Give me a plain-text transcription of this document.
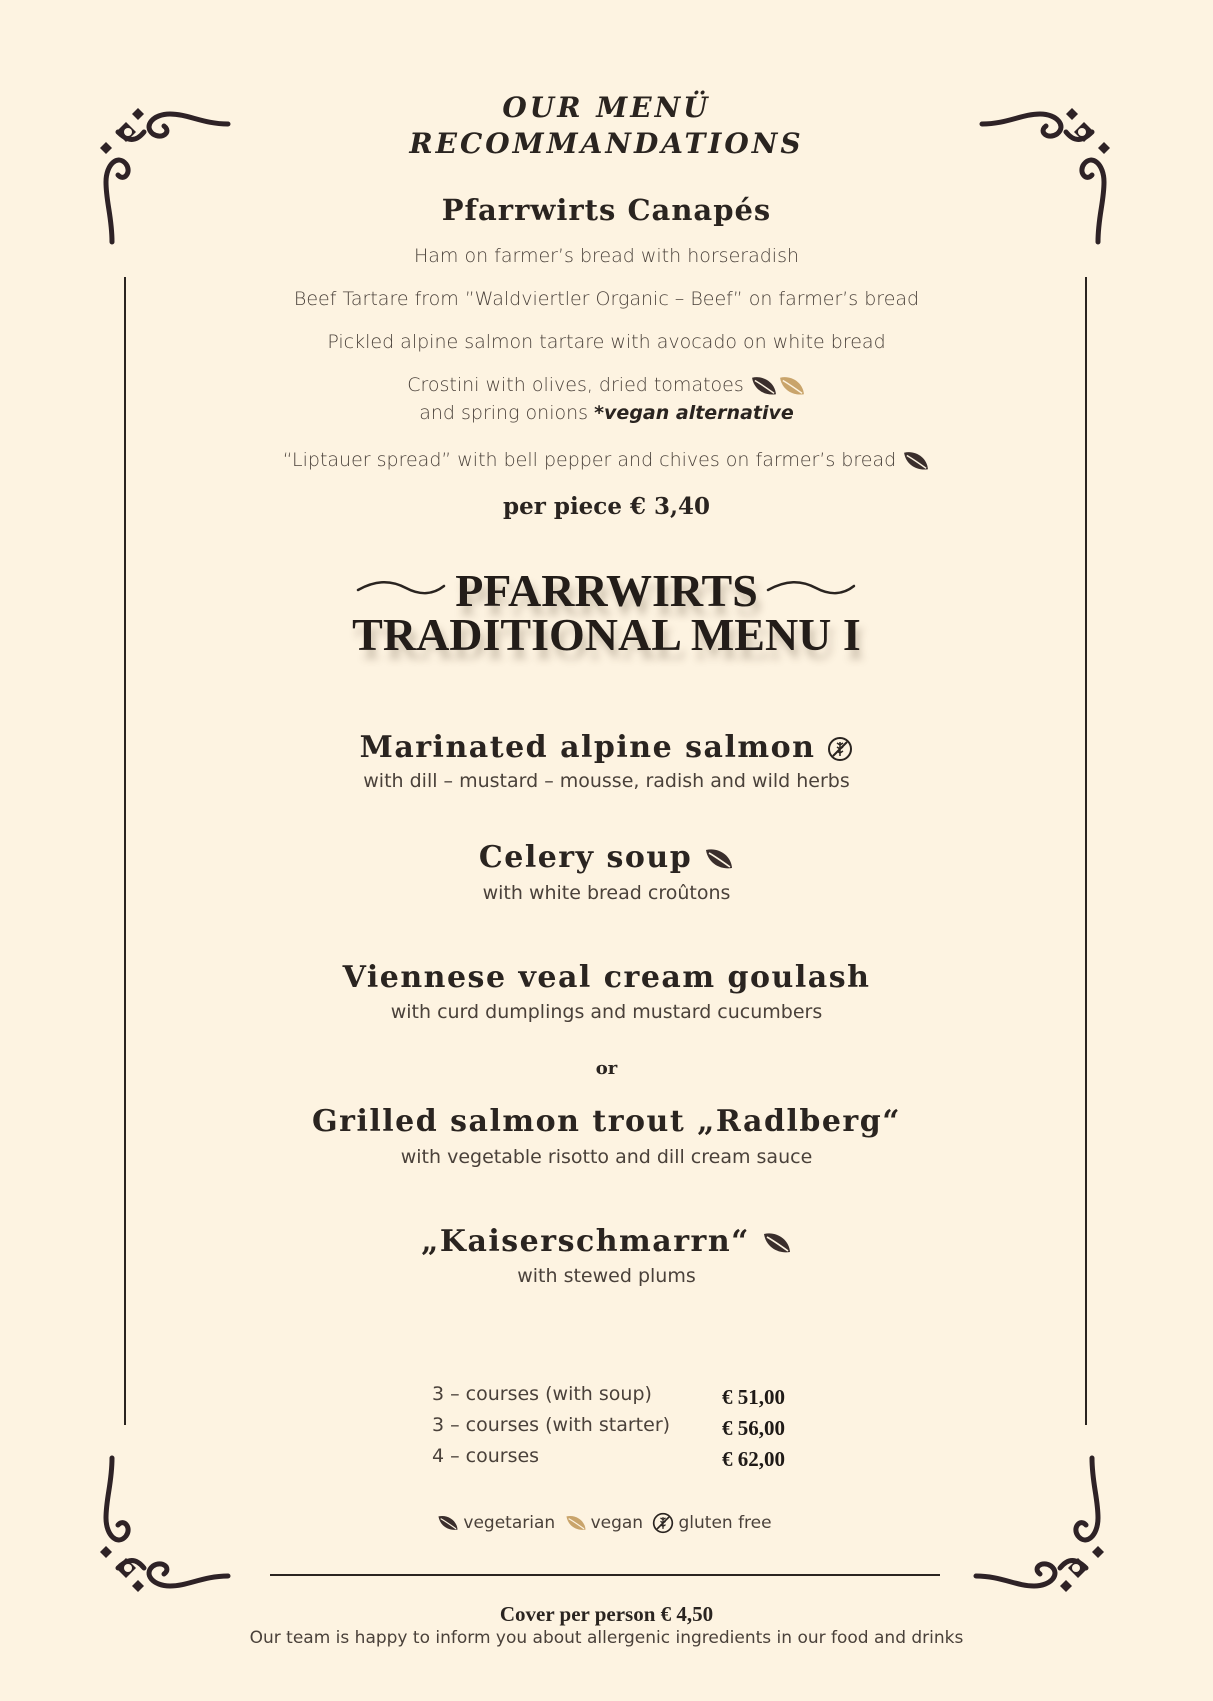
OUR MENÜ
RECOMMANDATIONS
Pfarrwirts Canapés
Ham on farmer’s bread with horseradish
Beef Tartare from ”Waldviertler Organic – Beef” on farmer’s bread
Pickled alpine salmon tartare with avocado on white bread
Crostini with olives, dried tomatoes
and spring onions *vegan alternative
“Liptauer spread” with bell pepper and chives on farmer’s bread
per piece € 3,40
PFARRWIRTS
TRADITIONAL MENU I
Marinated alpine salmon
with dill – mustard – mousse, radish and wild herbs
Celery soup
with white bread croûtons
Viennese veal cream goulash
with curd dumplings and mustard cucumbers
or
Grilled salmon trout „Radlberg“
with vegetable risotto and dill cream sauce
„Kaiserschmarrn“
with stewed plums
3 – courses (with soup)	€ 51,00
3 – courses (with starter) € 56,00
4 – courses	€ 62,00
vegetarian vegan gluten free
Cover per person € 4,50
Our team is happy to inform you about allergenic ingredients in our food and drinks
